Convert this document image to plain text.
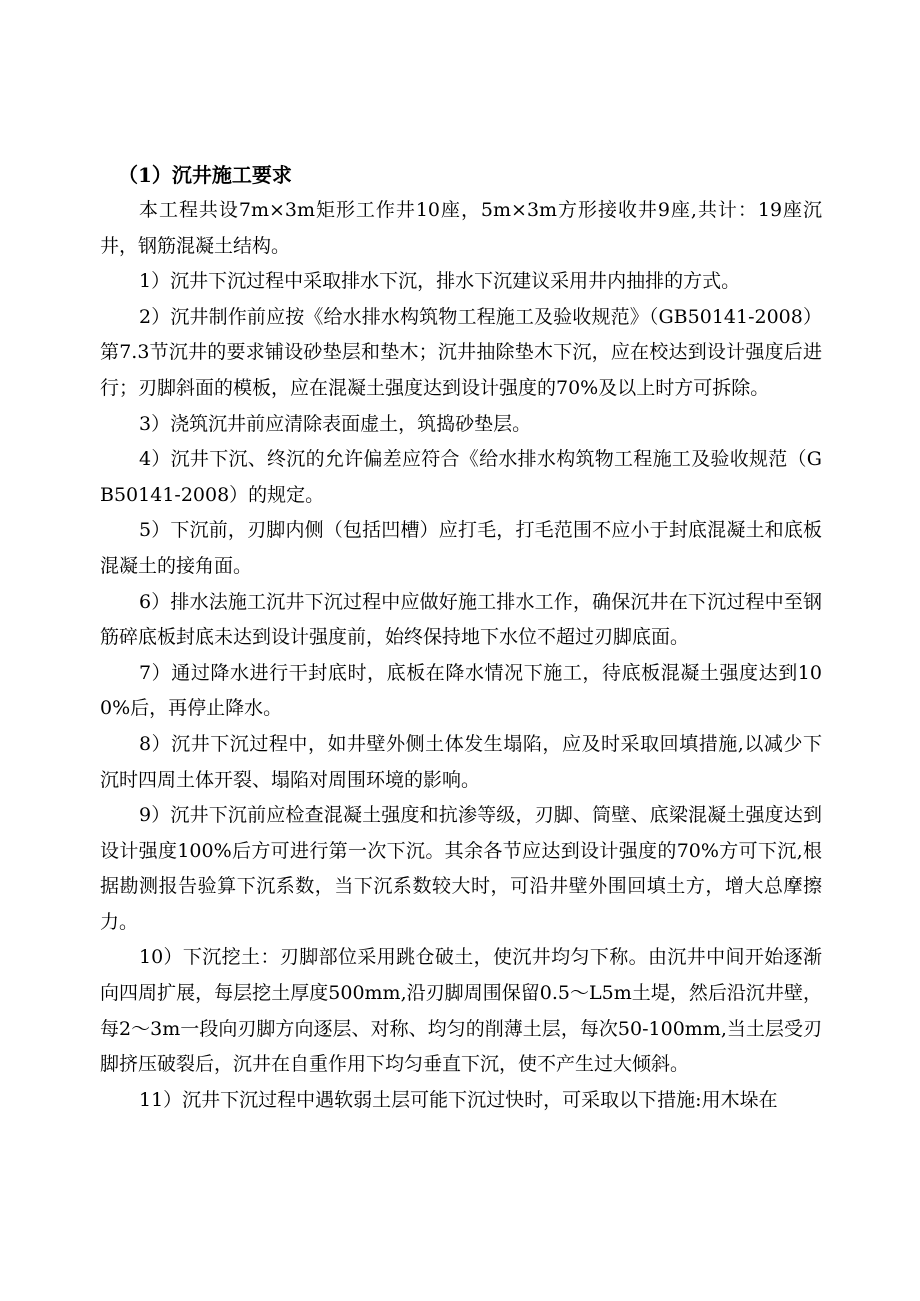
（1）沉井施工要求

本工程共设7m×3m矩形工作井10座，5m×3m方形接收井9座,共计：19座沉井，钢筋混凝土结构。

1）沉井下沉过程中采取排水下沉，排水下沉建议采用井内抽排的方式。

2）沉井制作前应按《给水排水构筑物工程施工及验收规范》（GB50141-2008）第7.3节沉井的要求铺设砂垫层和垫木；沉井抽除垫木下沉，应在校达到设计强度后进行；刃脚斜面的模板，应在混凝土强度达到设计强度的70%及以上时方可拆除。

3）浇筑沉井前应清除表面虚土，筑捣砂垫层。

4）沉井下沉、终沉的允许偏差应符合《给水排水构筑物工程施工及验收规范（GB50141-2008）的规定。

5）下沉前，刃脚内侧（包括凹槽）应打毛，打毛范围不应小于封底混凝土和底板混凝土的接角面。

6）排水法施工沉井下沉过程中应做好施工排水工作，确保沉井在下沉过程中至钢筋碎底板封底未达到设计强度前，始终保持地下水位不超过刃脚底面。

7）通过降水进行干封底时，底板在降水情况下施工，待底板混凝土强度达到100%后，再停止降水。

8）沉井下沉过程中，如井壁外侧土体发生塌陷，应及时采取回填措施,以减少下沉时四周土体开裂、塌陷对周围环境的影响。

9）沉井下沉前应检查混凝土强度和抗渗等级，刃脚、筒壁、底梁混凝土强度达到设计强度100%后方可进行第一次下沉。其余各节应达到设计强度的70%方可下沉,根据勘测报告验算下沉系数，当下沉系数较大时，可沿井壁外围回填土方，增大总摩擦力。

10）下沉挖土：刃脚部位采用跳仓破土，使沉井均匀下称。由沉井中间开始逐渐向四周扩展，每层挖土厚度500mm,沿刃脚周围保留0.5～L5m土堤，然后沿沉井壁，每2～3m一段向刃脚方向逐层、对称、均匀的削薄土层，每次50-100mm,当土层受刃脚挤压破裂后，沉井在自重作用下均匀垂直下沉，使不产生过大倾斜。

11）沉井下沉过程中遇软弱土层可能下沉过快时，可采取以下措施:用木垛在
